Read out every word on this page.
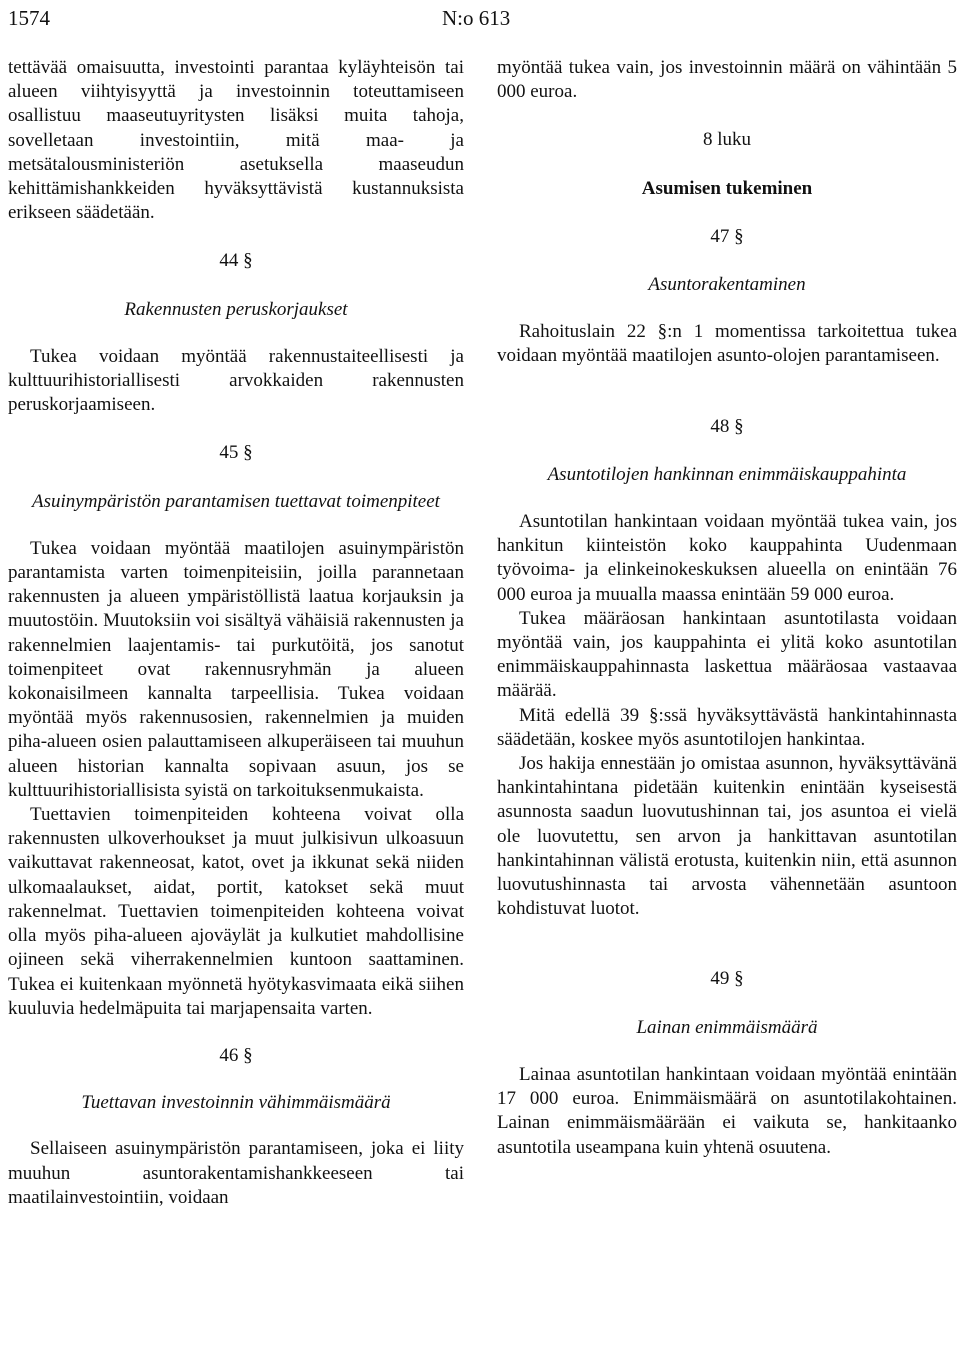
1574	N:o 613

tettävää omaisuutta, investointi parantaa kyläyhteisön tai alueen viihtyisyyttä ja investoinnin toteuttamiseen osallistuu maaseutuyritysten lisäksi muita tahoja, sovelletaan investointiin, mitä maa- ja metsätalousministeriön asetuksella maaseudun kehittämishankkeiden hyväksyttävistä kustannuksista erikseen säädetään.

44 §

Rakennusten peruskorjaukset

Tukea voidaan myöntää rakennustaiteellisesti ja kulttuurihistoriallisesti arvokkaiden rakennusten peruskorjaamiseen.

45 §

Asuinympäristön parantamisen tuettavat toimenpiteet

Tukea voidaan myöntää maatilojen asuinympäristön parantamista varten toimenpiteisiin, joilla parannetaan rakennusten ja alueen ympäristöllistä laatua korjauksin ja muutostöin. Muutoksiin voi sisältyä vähäisiä rakennusten ja rakennelmien laajentamis- tai purkutöitä, jos sanotut toimenpiteet ovat rakennusryhmän ja alueen kokonaisilmeen kannalta tarpeellisia. Tukea voidaan myöntää myös rakennusosien, rakennelmien ja muiden piha-alueen osien palauttamiseen alkuperäiseen tai muuhun alueen historian kannalta sopivaan asuun, jos se kulttuurihistoriallisista syistä on tarkoituksenmukaista.

Tuettavien toimenpiteiden kohteena voivat olla rakennusten ulkoverhoukset ja muut julkisivun ulkoasuun vaikuttavat rakenneosat, katot, ovet ja ikkunat sekä niiden ulkomaalaukset, aidat, portit, katokset sekä muut rakennelmat. Tuettavien toimenpiteiden kohteena voivat olla myös piha-alueen ajoväylät ja kulkutiet mahdollisine ojineen sekä viherrakennelmien kuntoon saattaminen. Tukea ei kuitenkaan myönnetä hyötykasvimaata eikä siihen kuuluvia hedelmäpuita tai marjapensaita varten.

46 §

Tuettavan investoinnin vähimmäismäärä

Sellaiseen asuinympäristön parantamiseen, joka ei liity muuhun asuntorakentamishankkeeseen tai maatilainvestointiin, voidaan

myöntää tukea vain, jos investoinnin määrä on vähintään 5 000 euroa.

8 luku

Asumisen tukeminen

47 §

Asuntorakentaminen

Rahoituslain 22 §:n 1 momentissa tarkoitettua tukea voidaan myöntää maatilojen asunto-olojen parantamiseen.

48 §

Asuntotilojen hankinnan enimmäiskauppahinta

Asuntotilan hankintaan voidaan myöntää tukea vain, jos hankitun kiinteistön koko kauppahinta Uudenmaan työvoima- ja elinkeinokeskuksen alueella on enintään 76 000 euroa ja muualla maassa enintään 59 000 euroa.

Tukea määräosan hankintaan asuntotilasta voidaan myöntää vain, jos kauppahinta ei ylitä koko asuntotilan enimmäiskauppahinnasta laskettua määräosaa vastaavaa määrää.

Mitä edellä 39 §:ssä hyväksyttävästä hankintahinnasta säädetään, koskee myös asuntotilojen hankintaa.

Jos hakija ennestään jo omistaa asunnon, hyväksyttävänä hankintahintana pidetään kuitenkin enintään kyseisestä asunnosta saadun luovutushinnan tai, jos asuntoa ei vielä ole luovutettu, sen arvon ja hankittavan asuntotilan hankintahinnan välistä erotusta, kuitenkin niin, että asunnon luovutushinnasta tai arvosta vähennetään asuntoon kohdistuvat luotot.

49 §

Lainan enimmäismäärä

Lainaa asuntotilan hankintaan voidaan myöntää enintään 17 000 euroa. Enimmäismäärä on asuntotilakohtainen. Lainan enimmäismäärään ei vaikuta se, hankitaanko asuntotila useampana kuin yhtenä osuutena.
